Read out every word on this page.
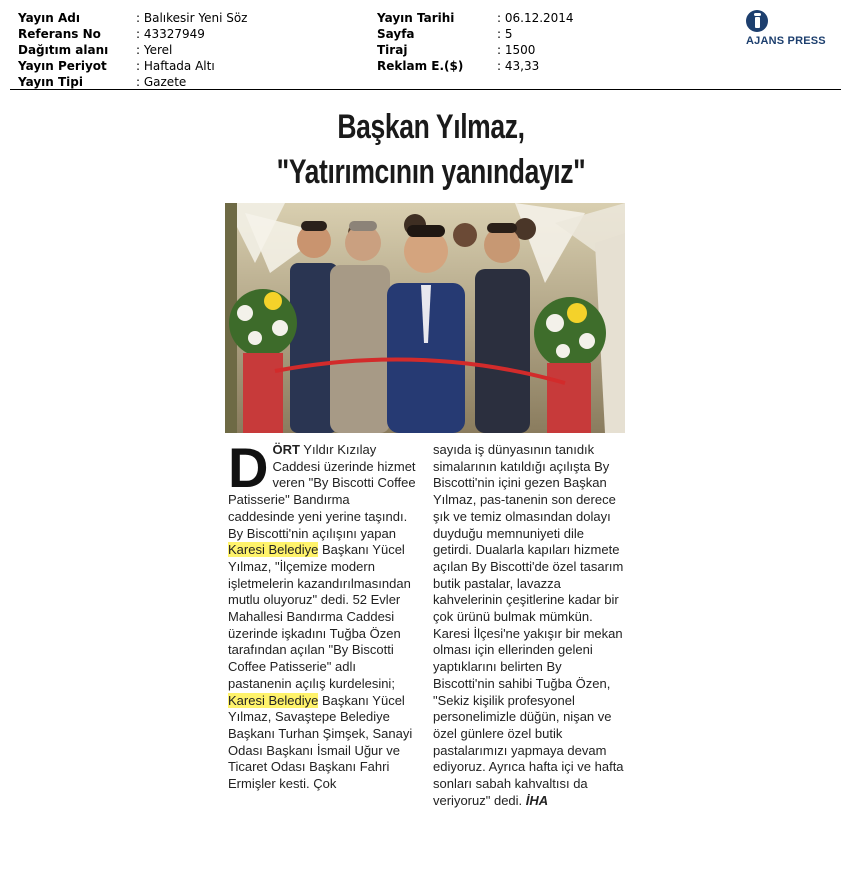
Yayın Adı	: Balıkesir Yeni Söz
Referans No	: 43327949
Dağıtım alanı	: Yerel
Yayın Periyot	: Haftada Altı
Yayın Tipi	: Gazete
Yayın Tarihi	: 06.12.2014
Sayfa	: 5
Tiraj	: 1500
Reklam E.($)	: 43,33
AJANS PRESS
Başkan Yılmaz,
"Yatırımcının yanındayız"

DÖRT Yıldır Kızılay Caddesi üzerinde hizmet veren "By Biscotti Coffee Patisserie" Bandırma caddesinde yeni yerine taşındı. By Biscotti'nin açılışını yapan Karesi Belediye Başkanı Yücel Yılmaz, "İlçemize modern işletmelerin kazandırılmasından mutlu oluyoruz" dedi. 52 Evler Mahallesi Bandırma Caddesi üzerinde işkadını Tuğba Özen tarafından açılan "By Biscotti Coffee Patisserie" adlı pastanenin açılış kurdelesini; Karesi Belediye Başkanı Yücel Yılmaz, Savaştepe Belediye Başkanı Turhan Şimşek, Sanayi Odası Başkanı İsmail Uğur ve Ticaret Odası Başkanı Fahri Ermişler kesti. Çok

sayıda iş dünyasının tanıdık simalarının katıldığı açılışta By Biscotti'nin içini gezen Başkan Yılmaz, pas-tanenin son derece şık ve temiz olmasından dolayı duyduğu memnuniyeti dile getirdi. Dualarla kapıları hizmete açılan By Biscotti'de özel tasarım butik pastalar, lavazza kahvelerinin çeşitlerine kadar bir çok ürünü bulmak mümkün. Karesi İlçesi'ne yakışır bir mekan olması için ellerinden geleni yaptıklarını belirten By Biscotti'nin sahibi Tuğba Özen, "Sekiz kişilik profesyonel personelimizle düğün, nişan ve özel günlere özel butik pastalarımızı yapmaya devam ediyoruz. Ayrıca hafta içi ve hafta sonları sabah kahvaltısı da veriyoruz" dedi. İHA
